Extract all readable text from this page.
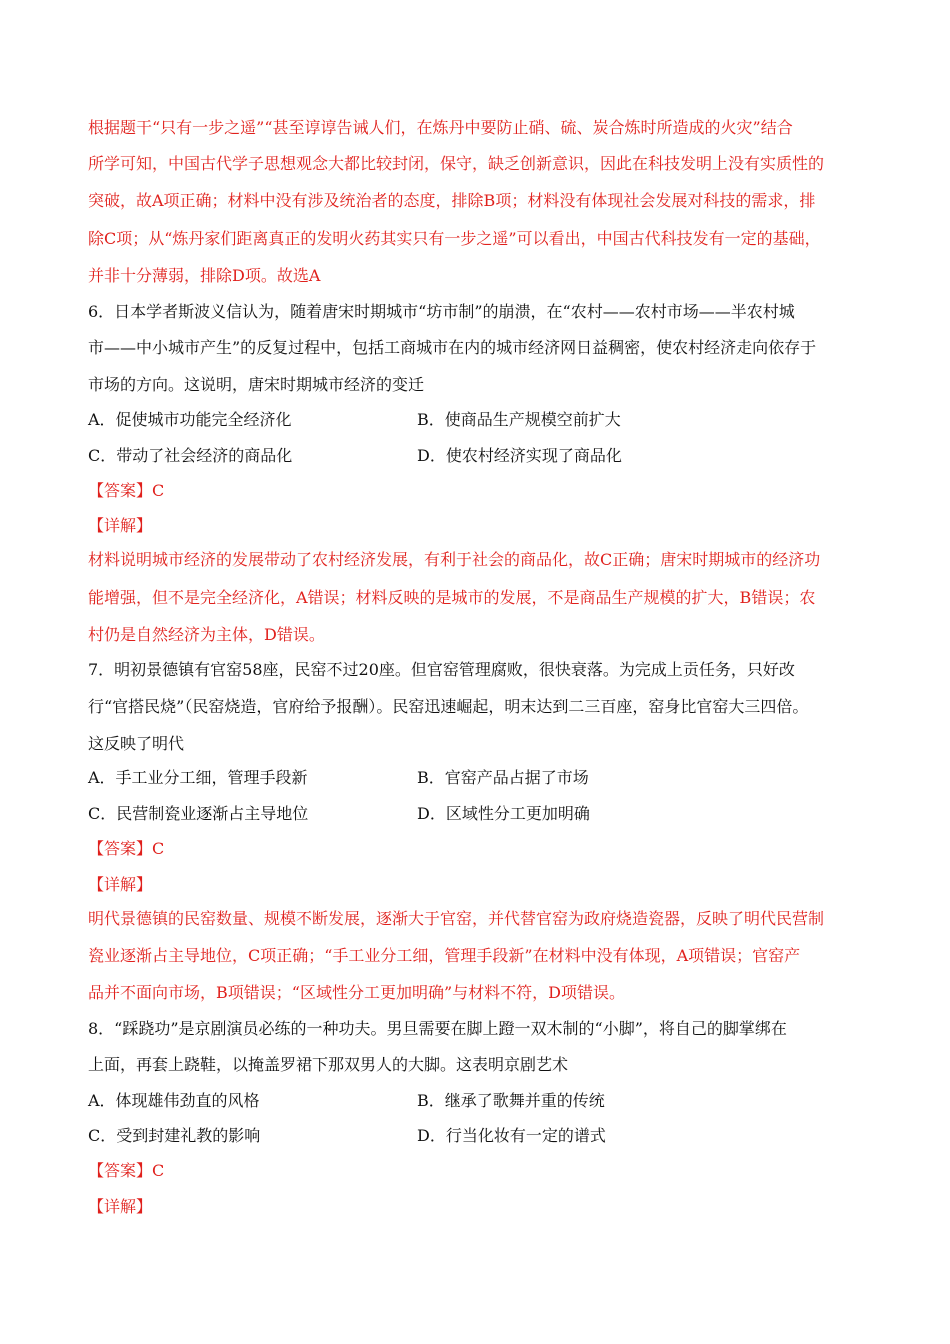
根据题干“只有一步之遥”“甚至谆谆告诫人们，在炼丹中要防止硝、硫、炭合炼时所造成的火灾”结合
所学可知，中国古代学子思想观念大都比较封闭，保守，缺乏创新意识，因此在科技发明上没有实质性的
突破，故A项正确；材料中没有涉及统治者的态度，排除B项；材料没有体现社会发展对科技的需求，排
除C项；从“炼丹家们距离真正的发明火药其实只有一步之遥”可以看出，中国古代科技发有一定的基础，
并非十分薄弱，排除D项。故选A
6．日本学者斯波义信认为，随着唐宋时期城市“坊市制”的崩溃，在“农村——农村市场——半农村城
市——中小城市产生”的反复过程中，包括工商城市在内的城市经济网日益稠密，使农村经济走向依存于
市场的方向。这说明，唐宋时期城市经济的变迁
A．促使城市功能完全经济化	B．使商品生产规模空前扩大
C．带动了社会经济的商品化	D．使农村经济实现了商品化
【答案】C
【详解】
材料说明城市经济的发展带动了农村经济发展，有利于社会的商品化，故C正确；唐宋时期城市的经济功
能增强，但不是完全经济化，A错误；材料反映的是城市的发展，不是商品生产规模的扩大，B错误；农
村仍是自然经济为主体，D错误。
7．明初景德镇有官窑58座，民窑不过20座。但官窑管理腐败，很快衰落。为完成上贡任务，只好改
行“官搭民烧”（民窑烧造，官府给予报酬）。民窑迅速崛起，明末达到二三百座，窑身比官窑大三四倍。
这反映了明代
A．手工业分工细，管理手段新	B．官窑产品占据了市场
C．民营制瓷业逐渐占主导地位	D．区域性分工更加明确
【答案】C
【详解】
明代景德镇的民窑数量、规模不断发展，逐渐大于官窑，并代替官窑为政府烧造瓷器，反映了明代民营制
瓷业逐渐占主导地位，C项正确；“手工业分工细，管理手段新”在材料中没有体现，A项错误；官窑产
品并不面向市场，B项错误；“区域性分工更加明确”与材料不符，D项错误。
8．“踩跷功”是京剧演员必练的一种功夫。男旦需要在脚上蹬一双木制的“小脚”，将自己的脚掌绑在
上面，再套上跷鞋，以掩盖罗裙下那双男人的大脚。这表明京剧艺术
A．体现雄伟劲直的风格	B．继承了歌舞并重的传统
C．受到封建礼教的影响	D．行当化妆有一定的谱式
【答案】C
【详解】
